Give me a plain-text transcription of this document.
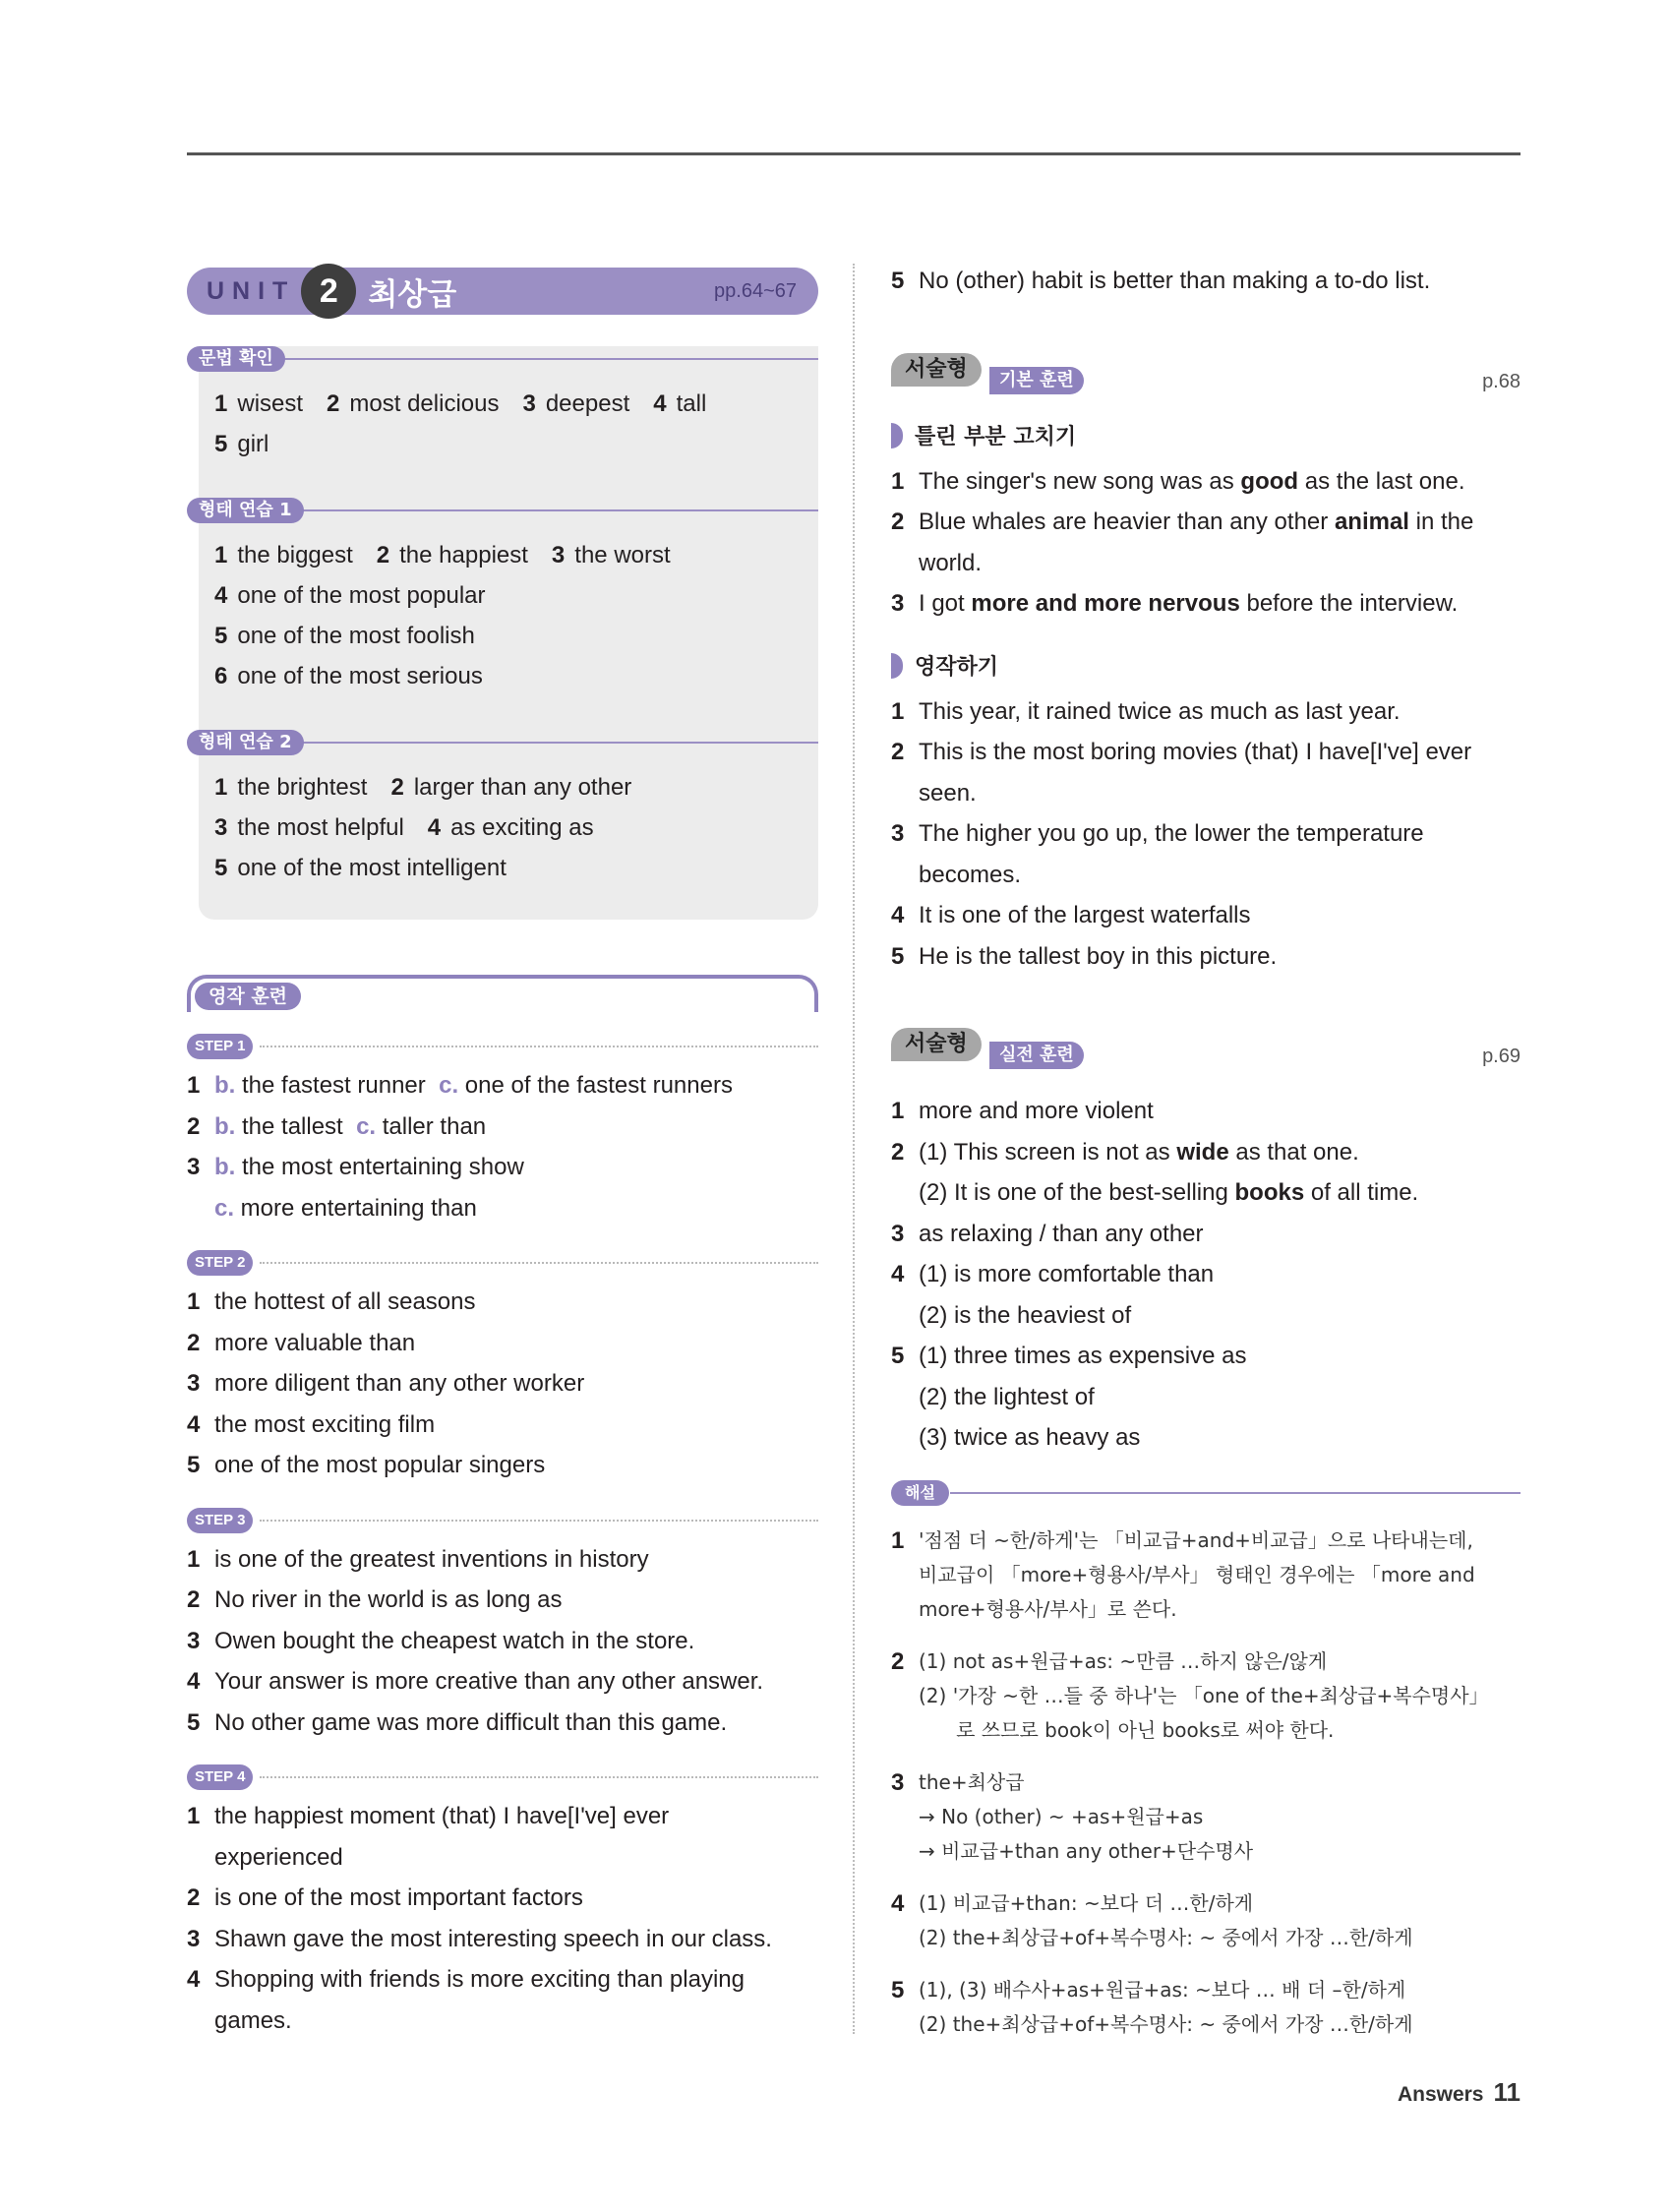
UNIT 2 최상급	pp.64~67
문법 확인
1 wisest 2 most delicious 3 deepest 4 tall
5 girl
형태 연습 1
1 the biggest 2 the happiest 3 the worst
4 one of the most popular
5 one of the most foolish
6 one of the most serious
형태 연습 2
1 the brightest 2 larger than any other
3 the most helpful 4 as exciting as
5 one of the most intelligent
영작 훈련
STEP 1
1 b. the fastest runner  c. one of the fastest runners
2 b. the tallest  c. taller than
3 b. the most entertaining show
c. more entertaining than
STEP 2
1 the hottest of all seasons
2 more valuable than
3 more diligent than any other worker
4 the most exciting film
5 one of the most popular singers
STEP 3
1 is one of the greatest inventions in history
2 No river in the world is as long as
3 Owen bought the cheapest watch in the store.
4 Your answer is more creative than any other answer.
5 No other game was more difficult than this game.
STEP 4
1 the happiest moment (that) I have[I've] ever
experienced
2 is one of the most important factors
3 Shawn gave the most interesting speech in our class.
4 Shopping with friends is more exciting than playing
games.
5 No (other) habit is better than making a to-do list.
서술형	기본 훈련	p.68
틀린 부분 고치기
1 The singer's new song was as good as the last one.
2 Blue whales are heavier than any other animal in the
world.
3 I got more and more nervous before the interview.
영작하기
1 This year, it rained twice as much as last year.
2 This is the most boring movies (that) I have[I've] ever
seen.
3 The higher you go up, the lower the temperature
becomes.
4 It is one of the largest waterfalls
5 He is the tallest boy in this picture.
서술형	실전 훈련	p.69
1 more and more violent
2 (1) This screen is not as wide as that one.
(2) It is one of the best-selling books of all time.
3 as relaxing / than any other
4 (1) is more comfortable than
(2) is the heaviest of
5 (1) three times as expensive as
(2) the lightest of
(3) twice as heavy as
해설
1 '점점 더 ~한/하게'는 「비교급+and+비교급」으로 나타내는데,
비교급이 「more+형용사/부사」 형태인 경우에는 「more and
more+형용사/부사」로 쓴다.
2 (1) not as+원급+as: ~만큼 …하지 않은/않게
(2) '가장 ~한 …들 중 하나'는 「one of the+최상급+복수명사」
로 쓰므로 book이 아닌 books로 써야 한다.
3 the+최상급
→ No (other) ~ +as+원급+as
→ 비교급+than any other+단수명사
4 (1) 비교급+than: ~보다 더 …한/하게
(2) the+최상급+of+복수명사: ~ 중에서 가장 …한/하게
5 (1), (3) 배수사+as+원급+as: ~보다 … 배 더 –한/하게
(2) the+최상급+of+복수명사: ~ 중에서 가장 …한/하게
Answers 11
